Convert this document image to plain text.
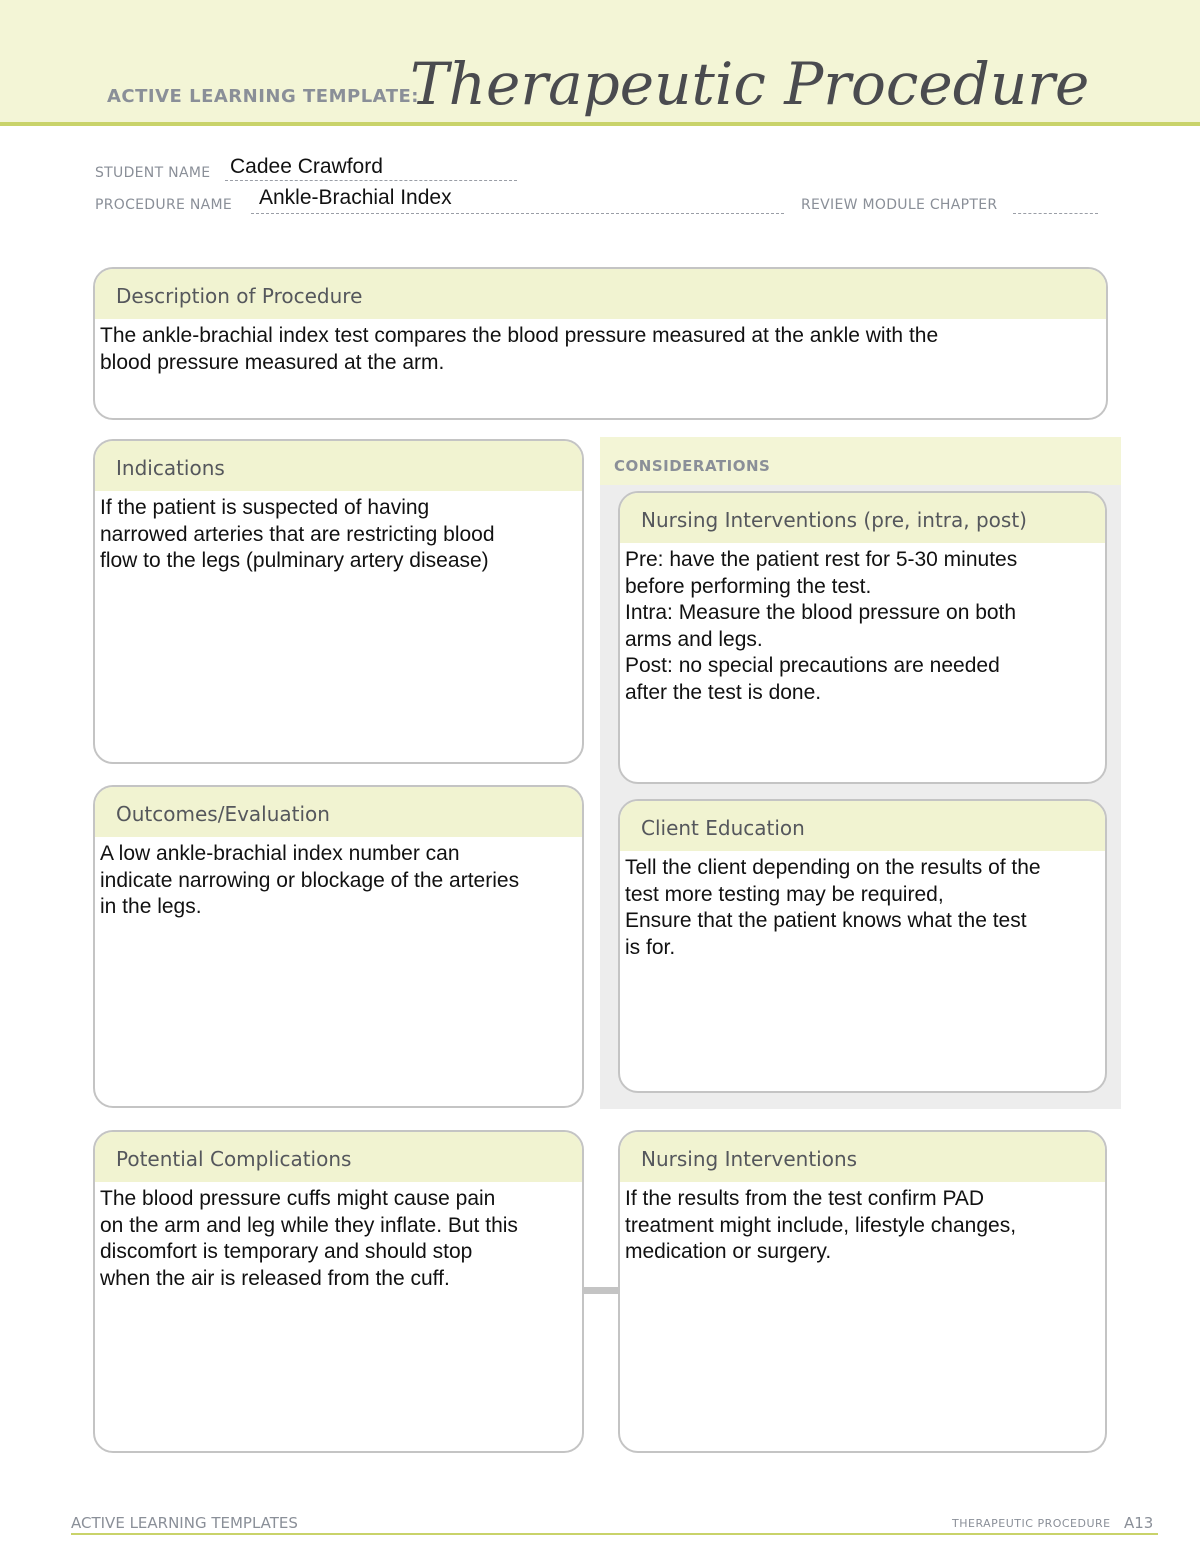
ACTIVE LEARNING TEMPLATE:
Therapeutic Procedure
STUDENT NAME Cadee Crawford
PROCEDURE NAME Ankle-Brachial Index	REVIEW MODULE CHAPTER
Description of Procedure
The ankle-brachial index test compares the blood pressure measured at the ankle with the
blood pressure measured at the arm.
CONSIDERATIONS
Indications
If the patient is suspected of having
narrowed arteries that are restricting blood
flow to the legs (pulminary artery disease)
Nursing Interventions (pre, intra, post)
Pre: have the patient rest for 5-30 minutes
before performing the test.
Intra: Measure the blood pressure on both
arms and legs.
Post: no special precautions are needed
after the test is done.
Outcomes/Evaluation
A low ankle-brachial index number can
indicate narrowing or blockage of the arteries
in the legs.
Client Education
Tell the client depending on the results of the
test more testing may be required,
Ensure that the patient knows what the test
is for.
Potential Complications
The blood pressure cuffs might cause pain
on the arm and leg while they inflate. But this
discomfort is temporary and should stop
when the air is released from the cuff.
Nursing Interventions
If the results from the test confirm PAD
treatment might include, lifestyle changes,
medication or surgery.
ACTIVE LEARNING TEMPLATES	THERAPEUTIC PROCEDURE A13
